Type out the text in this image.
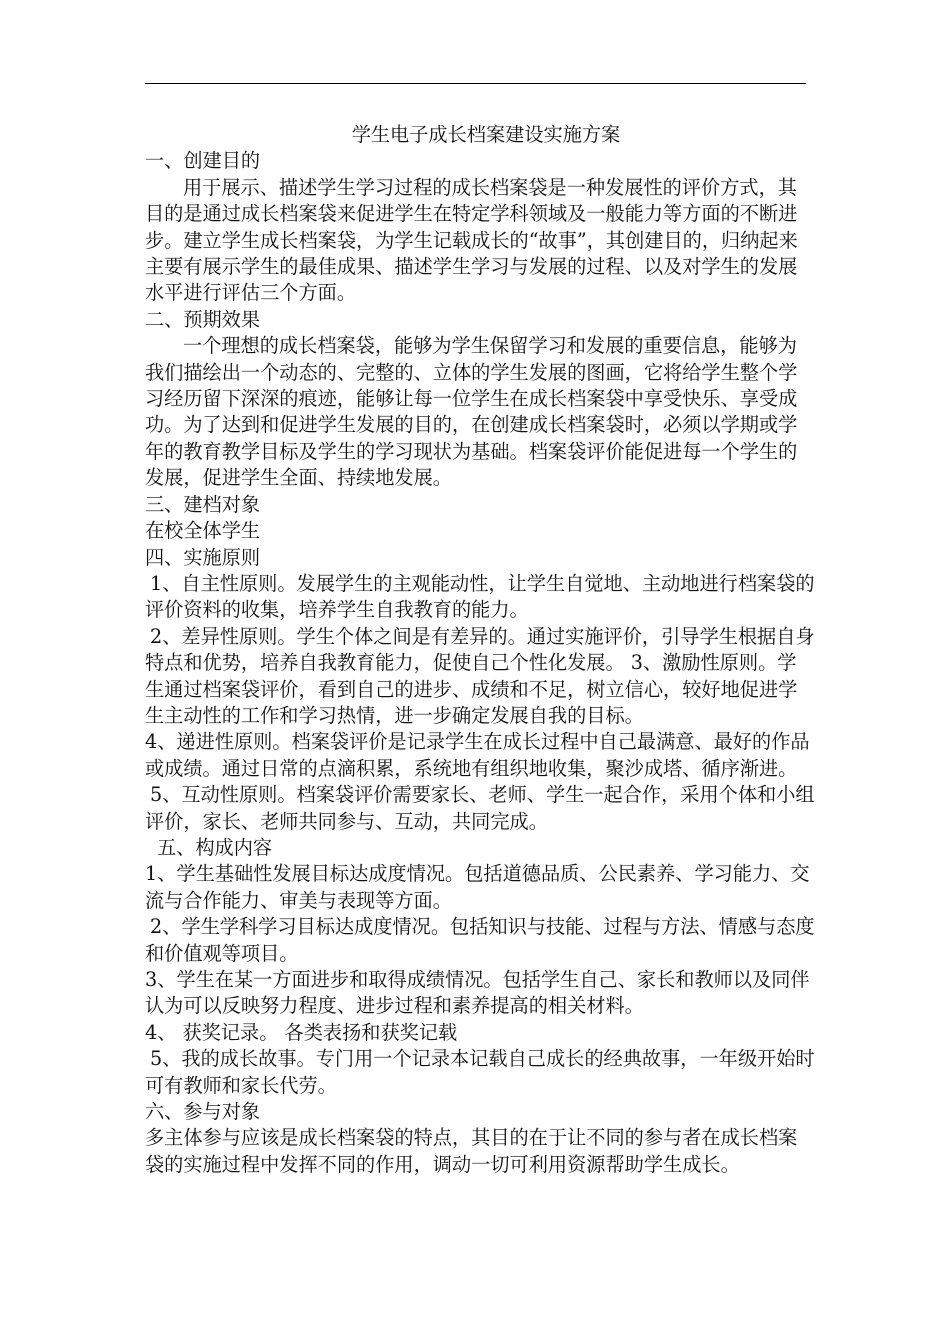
学生电子成长档案建设实施方案

一、创建目的

用于展示、描述学生学习过程的成长档案袋是一种发展性的评价方式，其目的是通过成长档案袋来促进学生在特定学科领域及一般能力等方面的不断进步。建立学生成长档案袋，为学生记载成长的“故事”，其创建目的，归纳起来主要有展示学生的最佳成果、描述学生学习与发展的过程、以及对学生的发展水平进行评估三个方面。

二、预期效果

一个理想的成长档案袋，能够为学生保留学习和发展的重要信息，能够为我们描绘出一个动态的、完整的、立体的学生发展的图画，它将给学生整个学习经历留下深深的痕迹，能够让每一位学生在成长档案袋中享受快乐、享受成功。为了达到和促进学生发展的目的，在创建成长档案袋时，必须以学期或学年的教育教学目标及学生的学习现状为基础。档案袋评价能促进每一个学生的发展，促进学生全面、持续地发展。

三、建档对象

在校全体学生

四、实施原则

1、自主性原则。发展学生的主观能动性，让学生自觉地、主动地进行档案袋的评价资料的收集，培养学生自我教育的能力。

2、差异性原则。学生个体之间是有差异的。通过实施评价，引导学生根据自身特点和优势，培养自我教育能力，促使自己个性化发展。 3、激励性原则。学生通过档案袋评价，看到自己的进步、成绩和不足，树立信心，较好地促进学生主动性的工作和学习热情，进一步确定发展自我的目标。

4、递进性原则。档案袋评价是记录学生在成长过程中自己最满意、最好的作品或成绩。通过日常的点滴积累，系统地有组织地收集，聚沙成塔、循序渐进。

5、互动性原则。档案袋评价需要家长、老师、学生一起合作，采用个体和小组评价，家长、老师共同参与、互动，共同完成。

五、构成内容

1、学生基础性发展目标达成度情况。包括道德品质、公民素养、学习能力、交流与合作能力、审美与表现等方面。

2、学生学科学习目标达成度情况。包括知识与技能、过程与方法、情感与态度和价值观等项目。

3、学生在某一方面进步和取得成绩情况。包括学生自己、家长和教师以及同伴认为可以反映努力程度、进步过程和素养提高的相关材料。

4、 获奖记录。 各类表扬和获奖记载

5、我的成长故事。专门用一个记录本记载自己成长的经典故事，一年级开始时可有教师和家长代劳。

六、参与对象

多主体参与应该是成长档案袋的特点，其目的在于让不同的参与者在成长档案袋的实施过程中发挥不同的作用，调动一切可利用资源帮助学生成长。
